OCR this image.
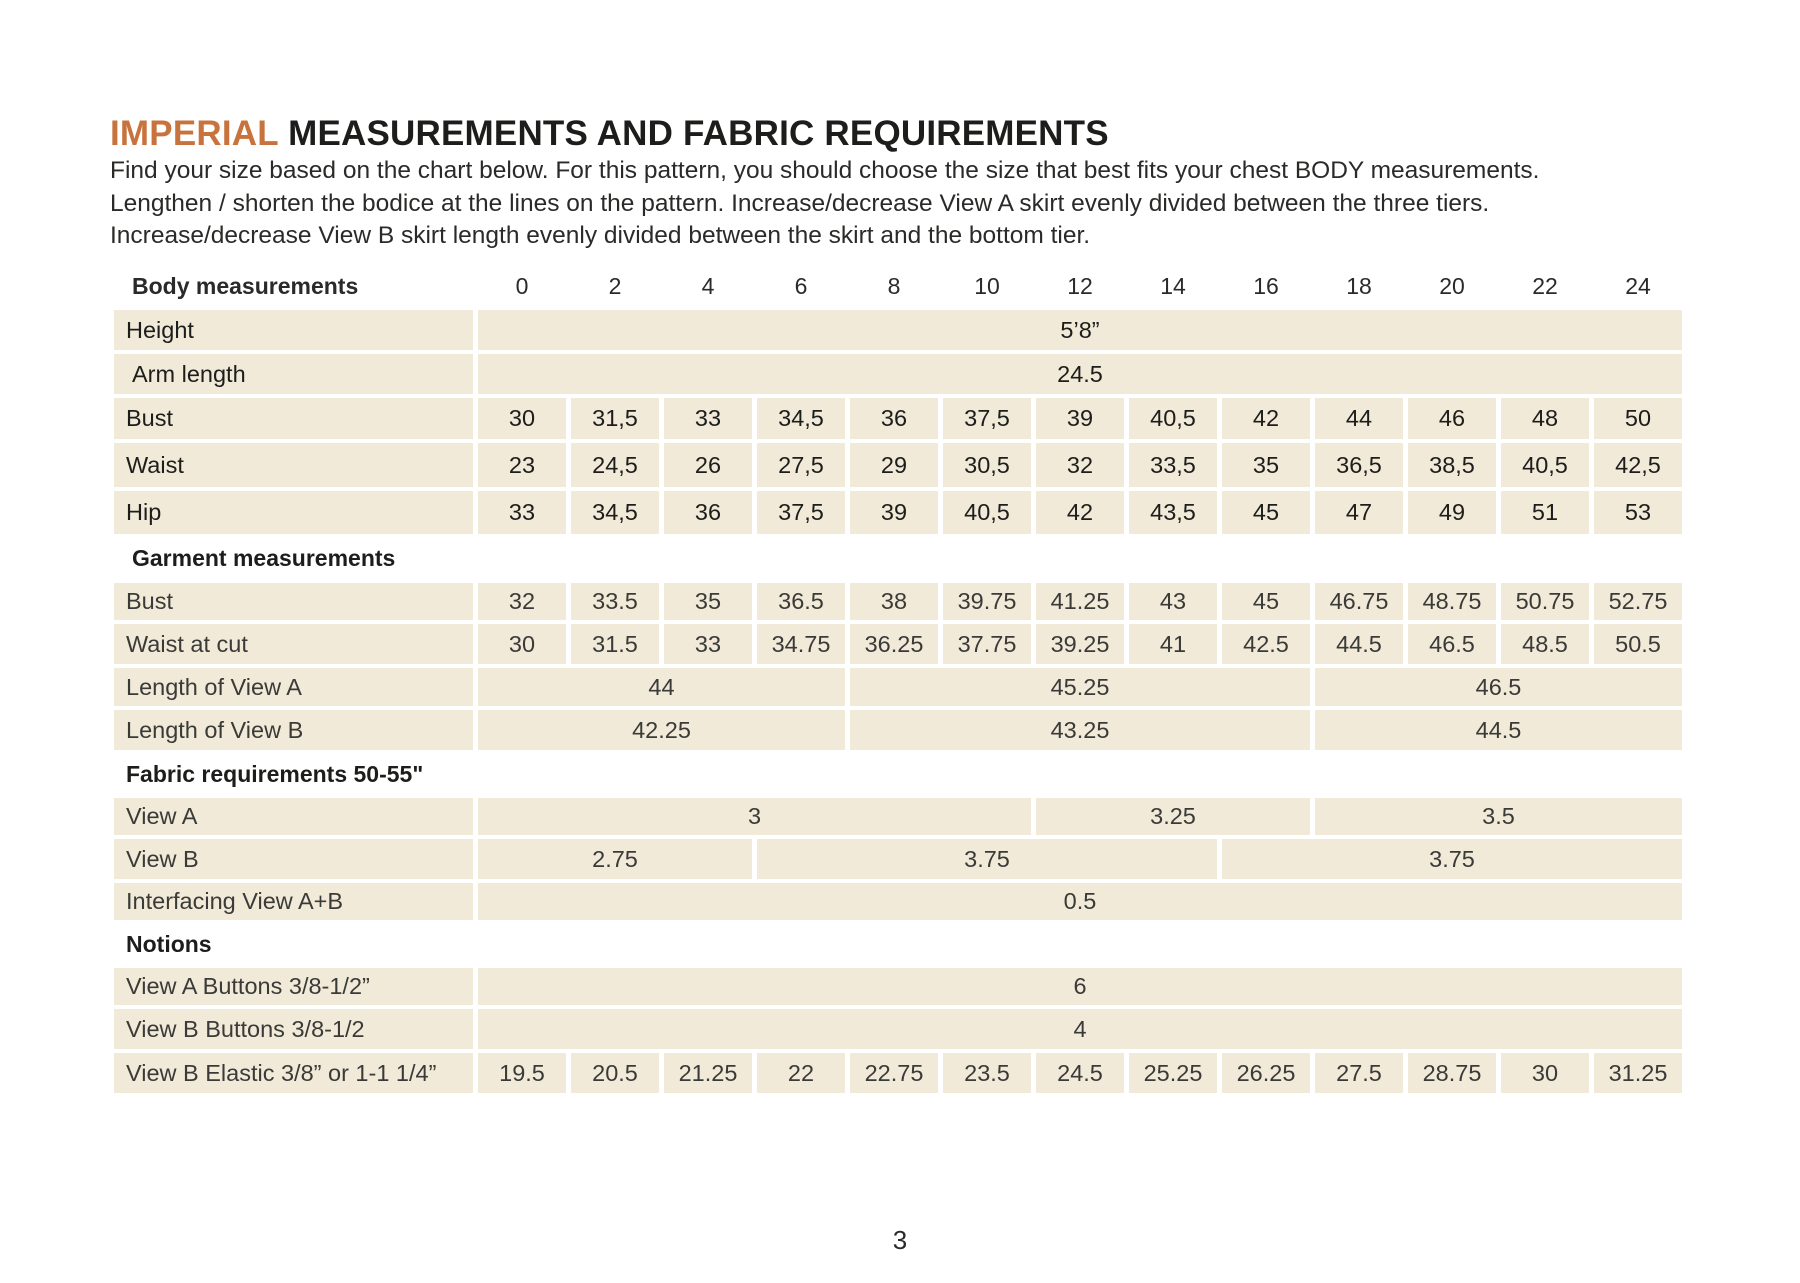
IMPERIAL MEASUREMENTS AND FABRIC REQUIREMENTS
Find your size based on the chart below. For this pattern, you should choose the size that best fits your chest BODY measurements.
Lengthen / shorten the bodice at the lines on the pattern. Increase/decrease View A skirt evenly divided between the three tiers.
Increase/decrease View B skirt length evenly divided between the skirt and the bottom tier.
Body measurements	0	2	4	6	8	10	12	14	16	18	20	22	24
Height	5’8”
Arm length	24.5
Bust	30	31,5	33	34,5	36	37,5	39	40,5	42	44	46	48	50
Waist	23	24,5	26	27,5	29	30,5	32	33,5	35	36,5	38,5	40,5	42,5
Hip	33	34,5	36	37,5	39	40,5	42	43,5	45	47	49	51	53
Garment measurements
Bust	32	33.5	35	36.5	38	39.75	41.25	43	45	46.75	48.75	50.75	52.75
Waist at cut	30	31.5	33	34.75	36.25	37.75	39.25	41	42.5	44.5	46.5	48.5	50.5
Length of View A	44	45.25	46.5
Length of View B	42.25	43.25	44.5
Fabric requirements 50-55"
View A	3	3.25	3.5
View B	2.75	3.75	3.75
Interfacing View A+B	0.5
Notions
View A Buttons 3/8-1/2”	6
View B Buttons 3/8-1/2	4
View B Elastic 3/8” or 1-1 1/4”	19.5	20.5	21.25	22	22.75	23.5	24.5	25.25	26.25	27.5	28.75	30	31.25
3
